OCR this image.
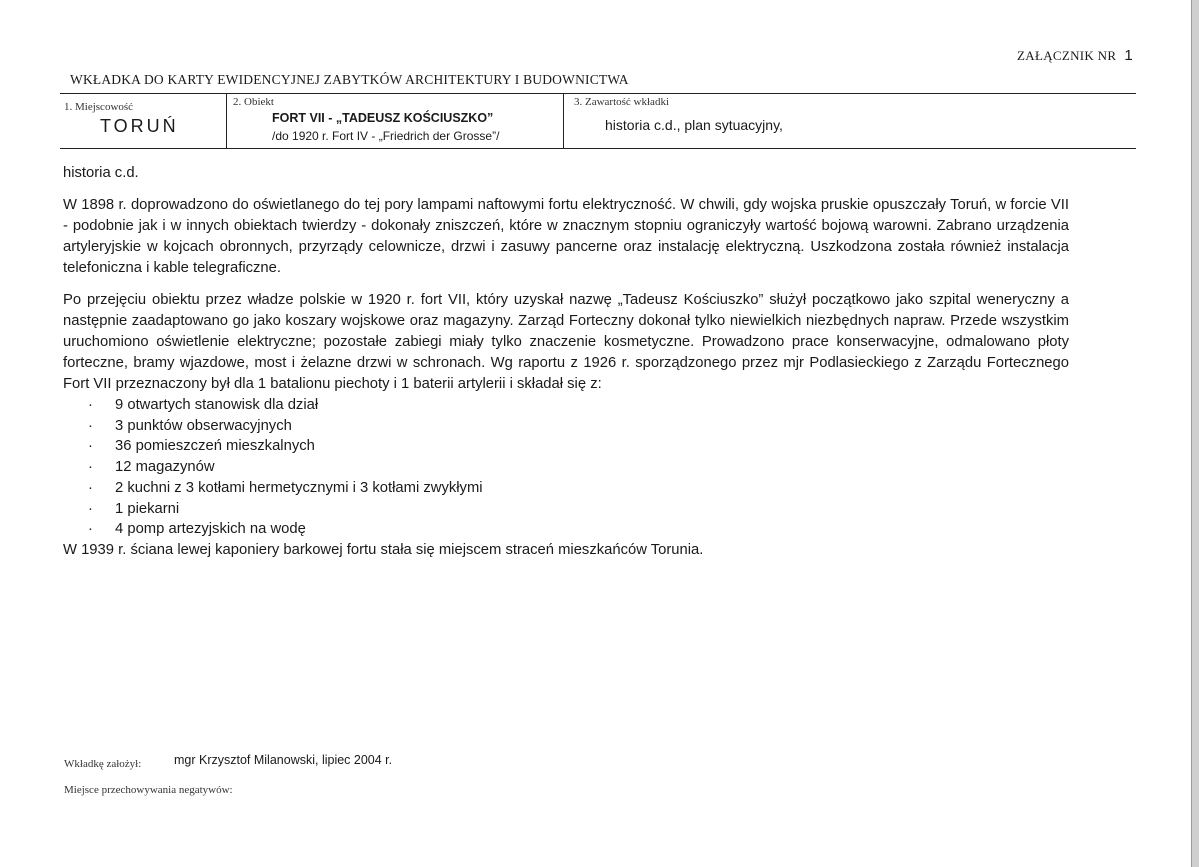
ZAŁĄCZNIK NR 1
WKŁADKA DO KARTY EWIDENCYJNEJ ZABYTKÓW ARCHITEKTURY I BUDOWNICTWA
1. Miejscowość
TORUŃ
2. Obiekt
FORT VII - „TADEUSZ KOŚCIUSZKO”
/do 1920 r. Fort IV - „Friedrich der Grosse”/
3. Zawartość wkładki
historia c.d., plan sytuacyjny,

historia c.d.

W 1898 r. doprowadzono do oświetlanego do tej pory lampami naftowymi fortu elektryczność. W chwili, gdy wojska pruskie opuszczały Toruń, w forcie VII - podobnie jak i w innych obiektach twierdzy - dokonały zniszczeń, które w znacznym stopniu ograniczyły wartość bojową warowni. Zabrano urządzenia artyleryjskie w kojcach obronnych, przyrządy celownicze, drzwi i zasuwy pancerne oraz instalację elektryczną. Uszkodzona została również instalacja telefoniczna i kable telegraficzne.

Po przejęciu obiektu przez władze polskie w 1920 r. fort VII, który uzyskał nazwę „Tadeusz Kościuszko” służył początkowo jako szpital weneryczny a następnie zaadaptowano go jako koszary wojskowe oraz magazyny. Zarząd Forteczny dokonał tylko niewielkich niezbędnych napraw. Przede wszystkim uruchomiono oświetlenie elektryczne; pozostałe zabiegi miały tylko znaczenie kosmetyczne. Prowadzono prace konserwacyjne, odmalowano płoty forteczne, bramy wjazdowe, most i żelazne drzwi w schronach. Wg raportu z 1926 r. sporządzonego przez mjr Podlasieckiego z Zarządu Fortecznego Fort VII przeznaczony był dla 1 batalionu piechoty i 1 baterii artylerii i składał się z:

· 9 otwartych stanowisk dla dział
· 3 punktów obserwacyjnych
· 36 pomieszczeń mieszkalnych
· 12 magazynów
· 2 kuchni z 3 kotłami hermetycznymi i 3 kotłami zwykłymi
· 1 piekarni
· 4 pomp artezyjskich na wodę

W 1939 r. ściana lewej kaponiery barkowej fortu stała się miejscem straceń mieszkańców Torunia.

Wkładkę założył:	mgr Krzysztof Milanowski, lipiec 2004 r.
Miejsce przechowywania negatywów:
